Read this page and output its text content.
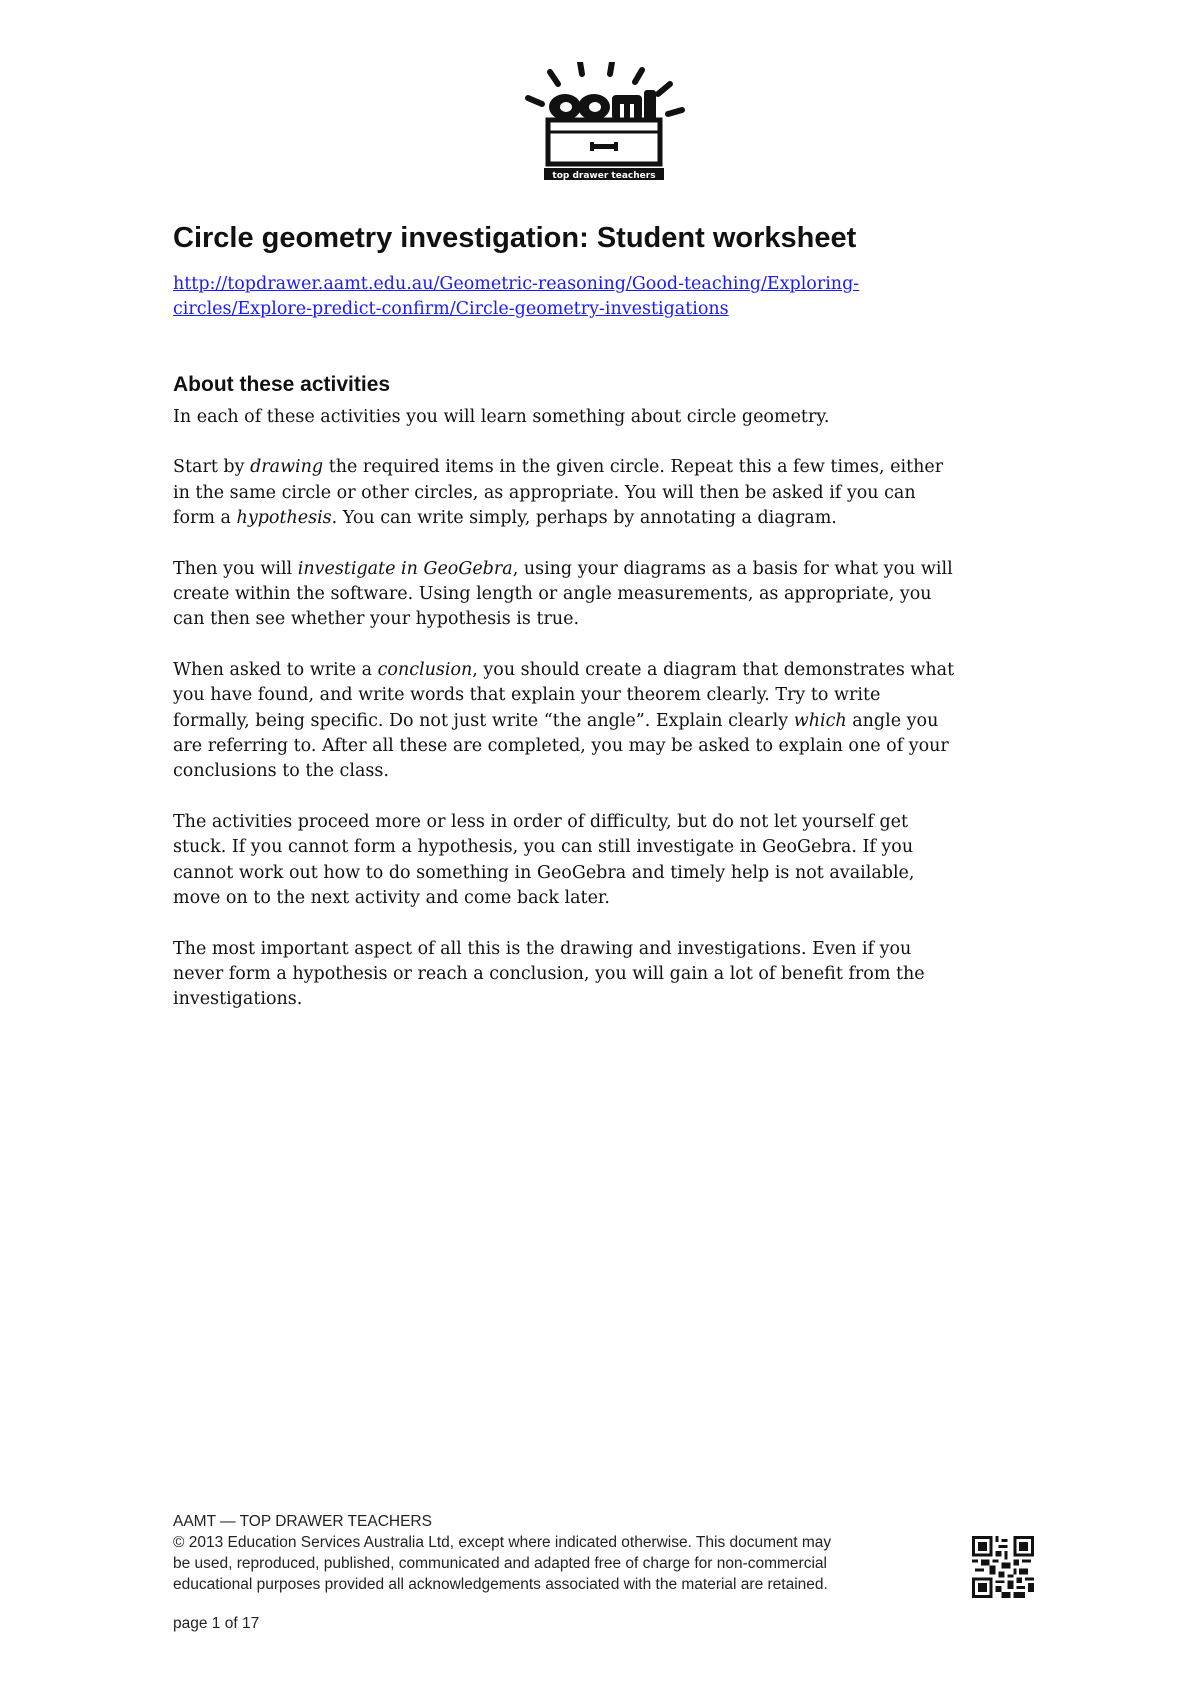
top drawer teachers
Circle geometry investigation: Student worksheet
http://topdrawer.aamt.edu.au/Geometric-reasoning/Good-teaching/Exploring-
circles/Explore-predict-confirm/Circle-geometry-investigations
About these activities

In each of these activities you will learn something about circle geometry.

Start by drawing the required items in the given circle. Repeat this a few times, either
in the same circle or other circles, as appropriate. You will then be asked if you can
form a hypothesis. You can write simply, perhaps by annotating a diagram.

Then you will investigate in GeoGebra, using your diagrams as a basis for what you will
create within the software. Using length or angle measurements, as appropriate, you
can then see whether your hypothesis is true.

When asked to write a conclusion, you should create a diagram that demonstrates what
you have found, and write words that explain your theorem clearly. Try to write
formally, being specific. Do not just write “the angle”. Explain clearly which angle you
are referring to. After all these are completed, you may be asked to explain one of your
conclusions to the class.

The activities proceed more or less in order of difficulty, but do not let yourself get
stuck. If you cannot form a hypothesis, you can still investigate in GeoGebra. If you
cannot work out how to do something in GeoGebra and timely help is not available,
move on to the next activity and come back later.

The most important aspect of all this is the drawing and investigations. Even if you
never form a hypothesis or reach a conclusion, you will gain a lot of benefit from the
investigations.

AAMT — TOP DRAWER TEACHERS
© 2013 Education Services Australia Ltd, except where indicated otherwise. This document may
be used, reproduced, published, communicated and adapted free of charge for non-commercial
educational purposes provided all acknowledgements associated with the material are retained.
page 1 of 17
